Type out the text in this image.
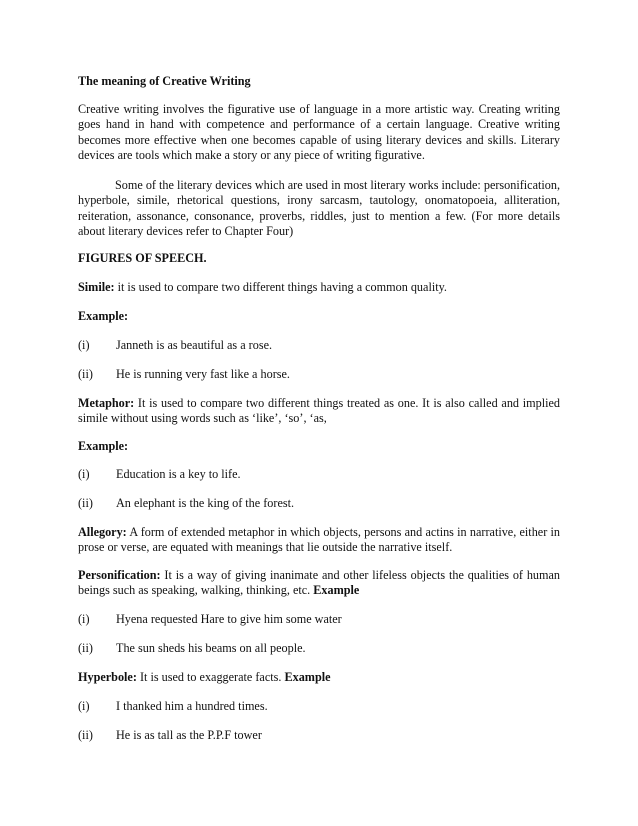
The meaning of Creative Writing

Creative writing involves the figurative use of language in a more artistic way. Creating writing goes hand in hand with competence and performance of a certain language. Creative writing becomes more effective when one becomes capable of using literary devices and skills. Literary devices are tools which make a story or any piece of writing figurative.

Some of the literary devices which are used in most literary works include: personification, hyperbole, simile, rhetorical questions, irony sarcasm, tautology, onomatopoeia, alliteration, reiteration, assonance, consonance, proverbs, riddles, just to mention a few. (For more details about literary devices refer to Chapter Four)

FIGURES OF SPEECH.

Simile: it is used to compare two different things having a common quality.

Example:

(i) Janneth is as beautiful as a rose.
(ii) He is running very fast like a horse.

Metaphor: It is used to compare two different things treated as one. It is also called and implied simile without using words such as ‘like’, ‘so’, ‘as,

Example:

(i) Education is a key to life.
(ii) An elephant is the king of the forest.

Allegory: A form of extended metaphor in which objects, persons and actins in narrative, either in prose or verse, are equated with meanings that lie outside the narrative itself.

Personification: It is a way of giving inanimate and other lifeless objects the qualities of human beings such as speaking, walking, thinking, etc. Example

(i) Hyena requested Hare to give him some water
(ii) The sun sheds his beams on all people.

Hyperbole: It is used to exaggerate facts. Example

(i) I thanked him a hundred times.
(ii) He is as tall as the P.P.F tower
